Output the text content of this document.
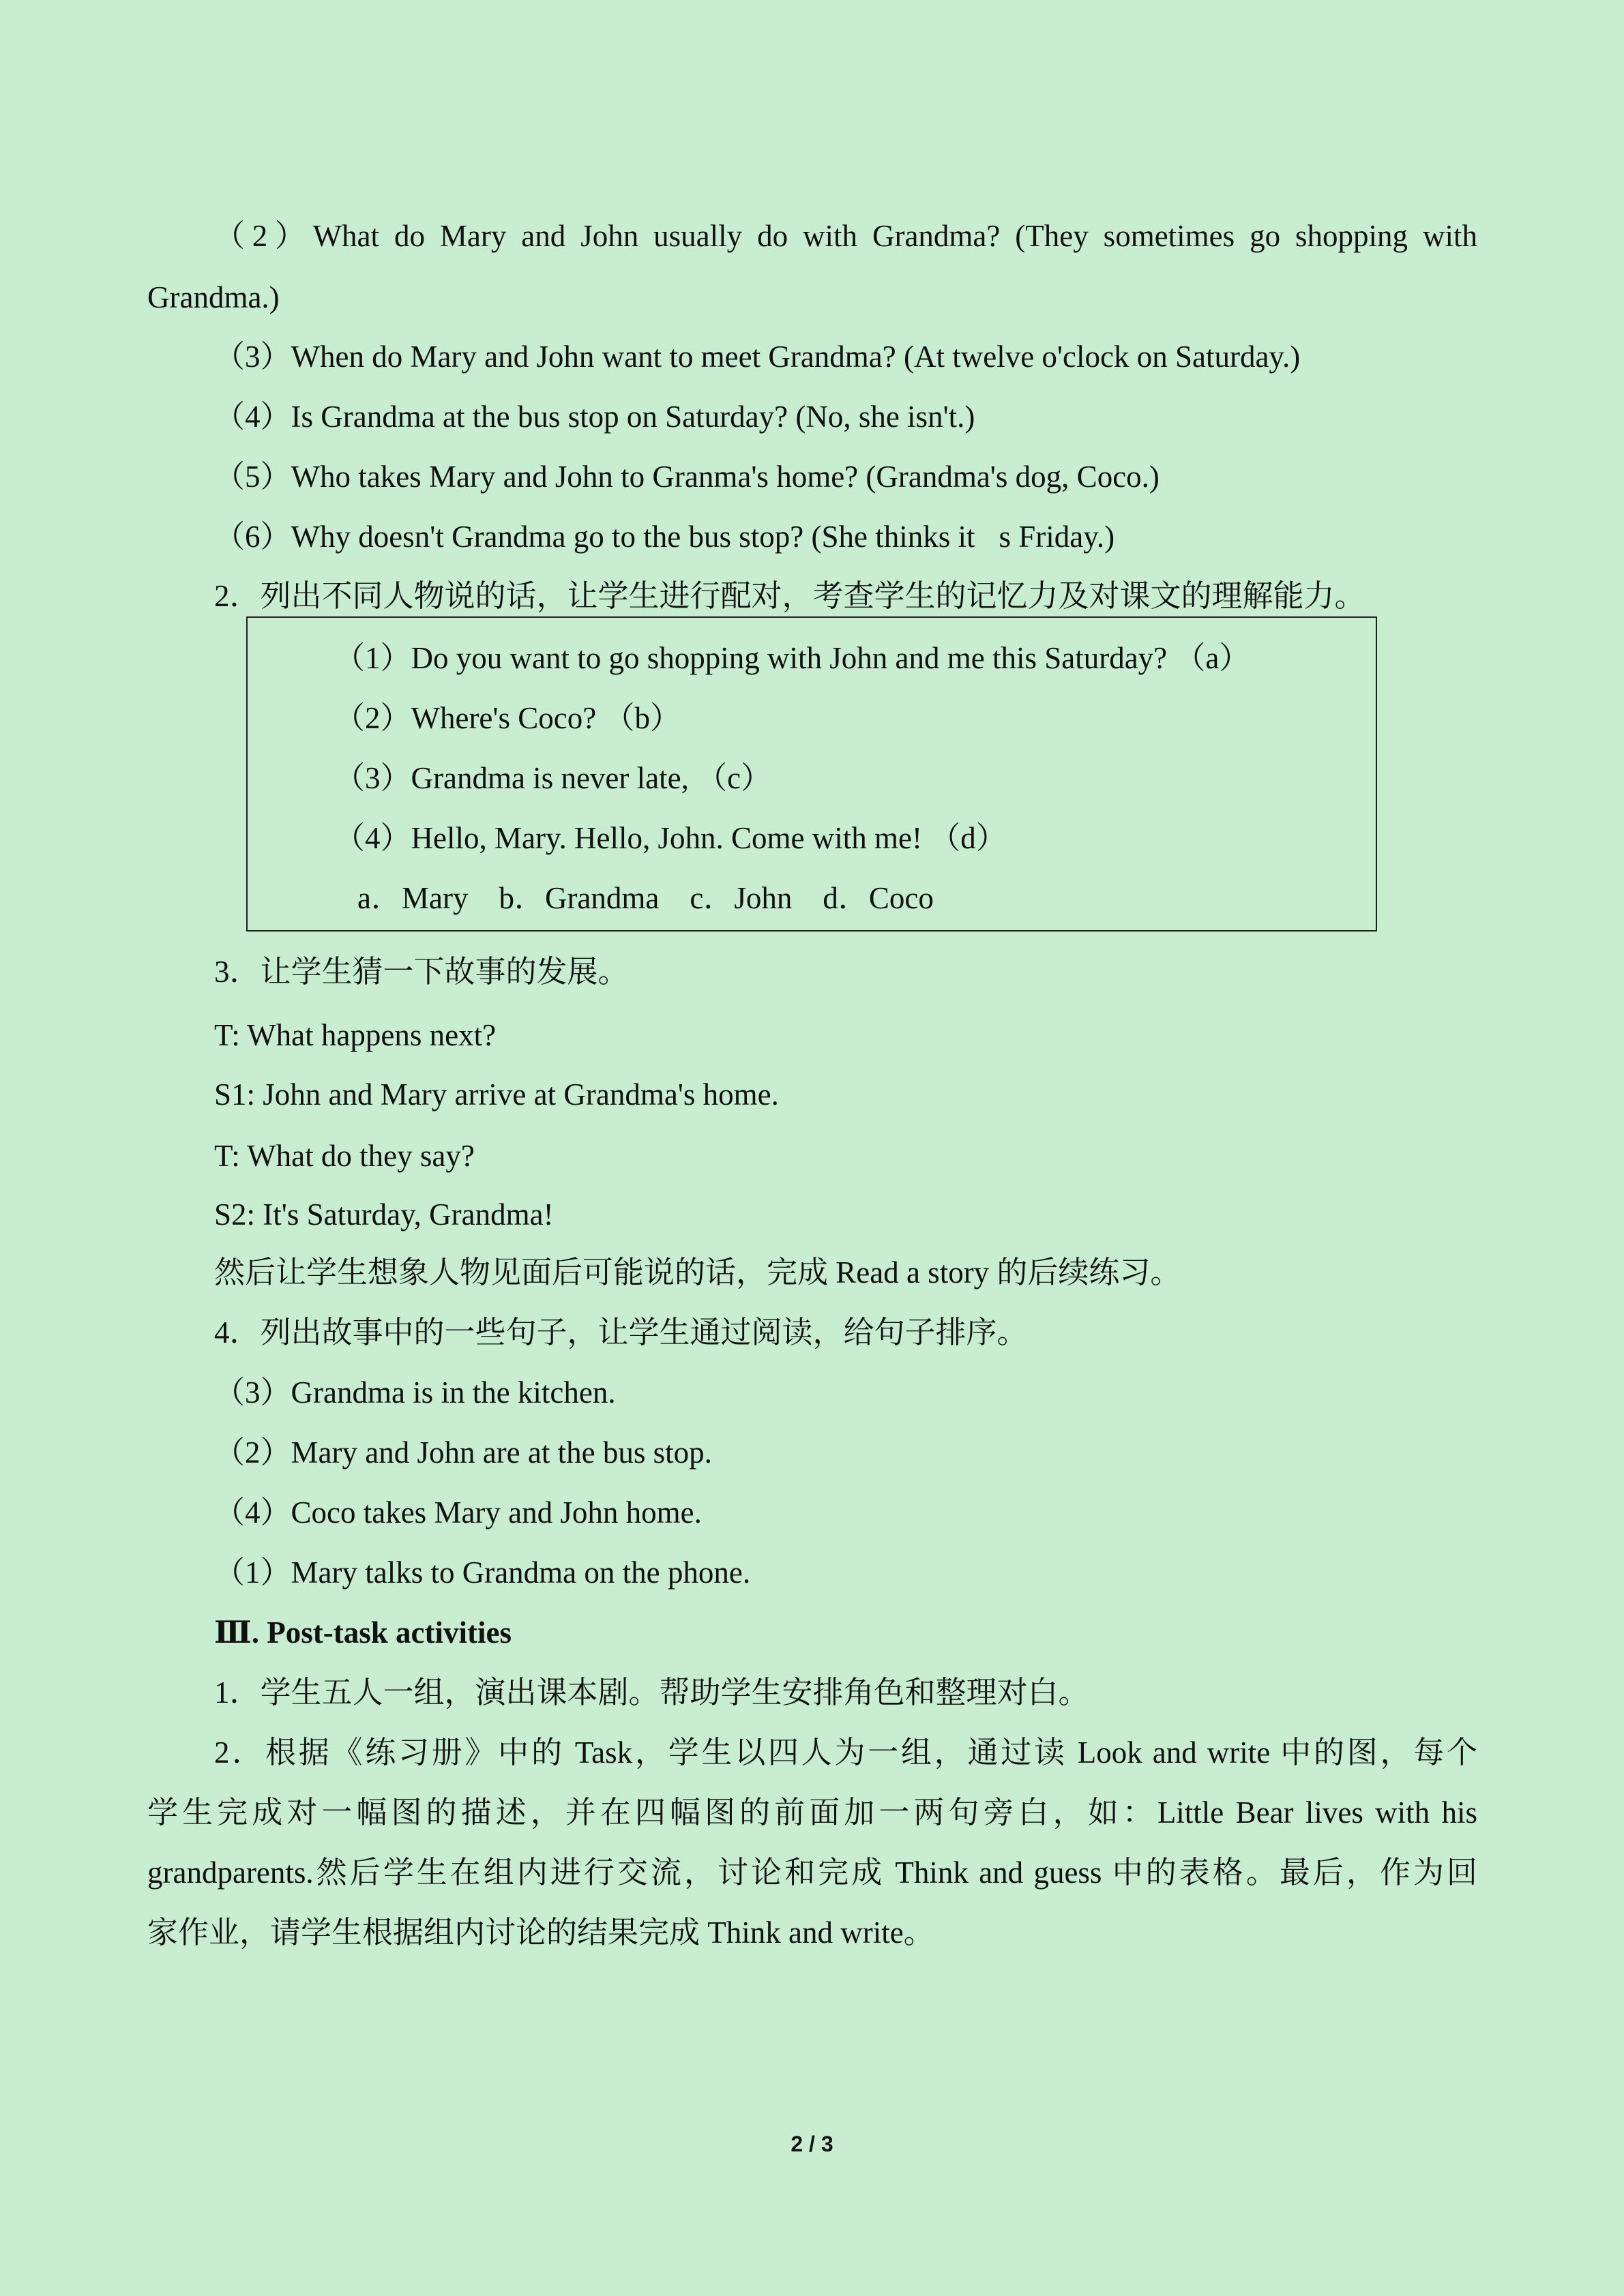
（2）What do Mary and John usually do with Grandma? (They sometimes go shopping with
Grandma.)
（3）When do Mary and John want to meet Grandma? (At twelve o'clock on Saturday.)
（4）Is Grandma at the bus stop on Saturday? (No, she isn't.)
（5）Who takes Mary and John to Granma's home? (Grandma's dog, Coco.)
（6）Why doesn't Grandma go to the bus stop? (She thinks it s Friday.)
2．列出不同人物说的话，让学生进行配对，考查学生的记忆力及对课文的理解能力。
（1）Do you want to go shopping with John and me this Saturday? （a）
（2）Where's Coco? （b）
（3）Grandma is never late, （c）
（4）Hello, Mary. Hello, John. Come with me! （d）
a．Mary　b．Grandma　c．John　d．Coco
3．让学生猜一下故事的发展。
T: What happens next?
S1: John and Mary arrive at Grandma's home.
T: What do they say?
S2: It's Saturday, Grandma!
然后让学生想象人物见面后可能说的话，完成 Read a story 的后续练习。
4．列出故事中的一些句子，让学生通过阅读，给句子排序。
（3）Grandma is in the kitchen.
（2）Mary and John are at the bus stop.
（4）Coco takes Mary and John home.
（1）Mary talks to Grandma on the phone.
Ⅲ. Post-task activities
1．学生五人一组，演出课本剧。帮助学生安排角色和整理对白。
2．根据《练习册》中的 Task，学生以四人为一组，通过读 Look and write 中的图，每个
学生完成对一幅图的描述，并在四幅图的前面加一两句旁白，如：Little Bear lives with his
grandparents.然后学生在组内进行交流，讨论和完成 Think and guess 中的表格。最后，作为回
家作业，请学生根据组内讨论的结果完成 Think and write。
2 / 3
